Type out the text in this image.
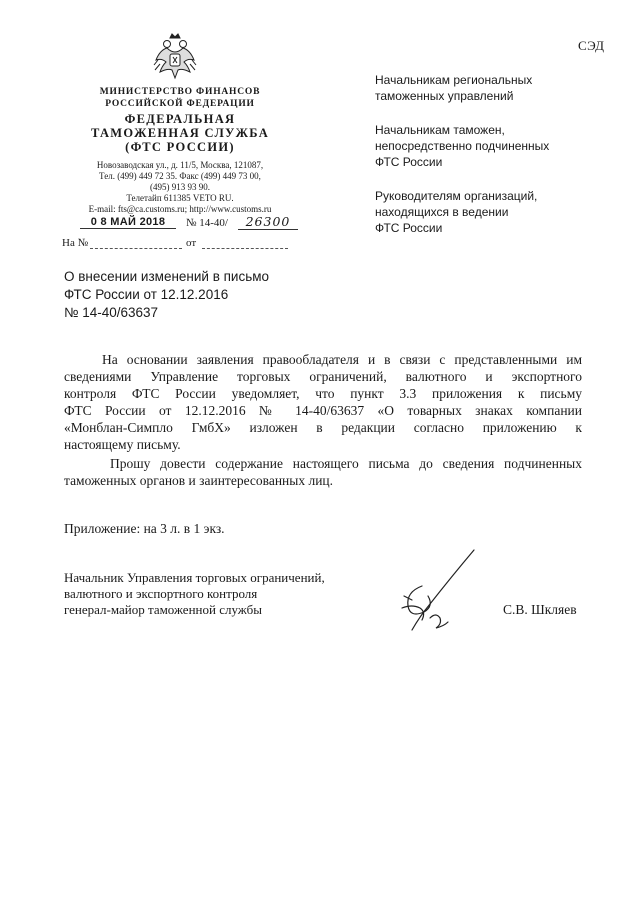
СЭД
МИНИСТЕРСТВО ФИНАНСОВ
РОССИЙСКОЙ ФЕДЕРАЦИИ
ФЕДЕРАЛЬНАЯ
ТАМОЖЕННАЯ СЛУЖБА
(ФТС РОССИИ)
Новозаводская ул., д. 11/5, Москва, 121087,
Тел. (499) 449 72 35. Факс (499) 449 73 00,
(495) 913 93 90.
Телетайп 611385 VETO RU.
E-mail: fts@ca.customs.ru; http://www.customs.ru
0 8 МАЙ 2018	№ 14-40/	26300
На №	от
Начальникам региональных
таможенных управлений
Начальникам таможен,
непосредственно подчиненных
ФТС России
Руководителям организаций,
находящихся в ведении
ФТС России
О внесении изменений в письмо
ФТС России от 12.12.2016
№ 14-40/63637
На основании заявления правообладателя и в связи с представленными им
сведениями Управление торговых ограничений, валютного и экспортного
контроля ФТС России уведомляет, что пункт 3.3 приложения к письму
ФТС России от 12.12.2016 № 14-40/63637 «О товарных знаках компании
«Монблан-Симпло ГмбХ» изложен в редакции согласно приложению к
настоящему письму.
Прошу довести содержание настоящего письма до сведения подчиненных
таможенных органов и заинтересованных лиц.
Приложение: на 3 л. в 1 экз.
Начальник Управления торговых ограничений,
валютного и экспортного контроля
генерал-майор таможенной службы	С.В. Шкляев
